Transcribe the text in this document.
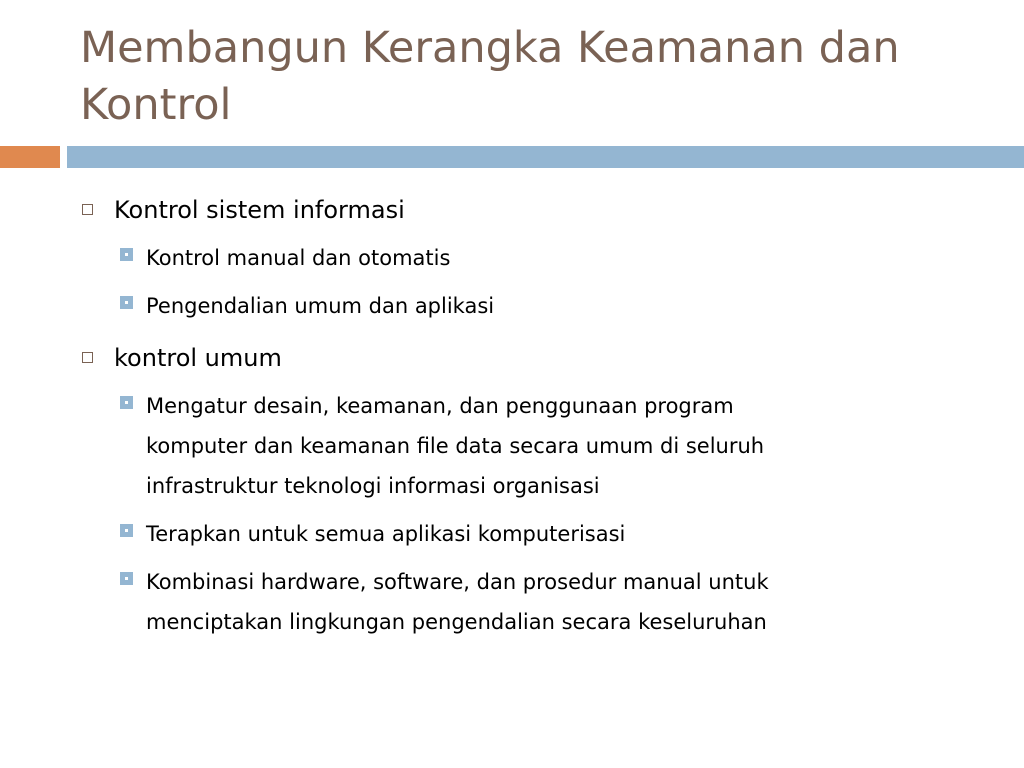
Membangun Kerangka Keamanan dan
Kontrol
Kontrol sistem informasi
Kontrol manual dan otomatis
Pengendalian umum dan aplikasi
kontrol umum
Mengatur desain, keamanan, dan penggunaan program
komputer dan keamanan file data secara umum di seluruh
infrastruktur teknologi informasi organisasi
Terapkan untuk semua aplikasi komputerisasi
Kombinasi hardware, software, dan prosedur manual untuk
menciptakan lingkungan pengendalian secara keseluruhan
